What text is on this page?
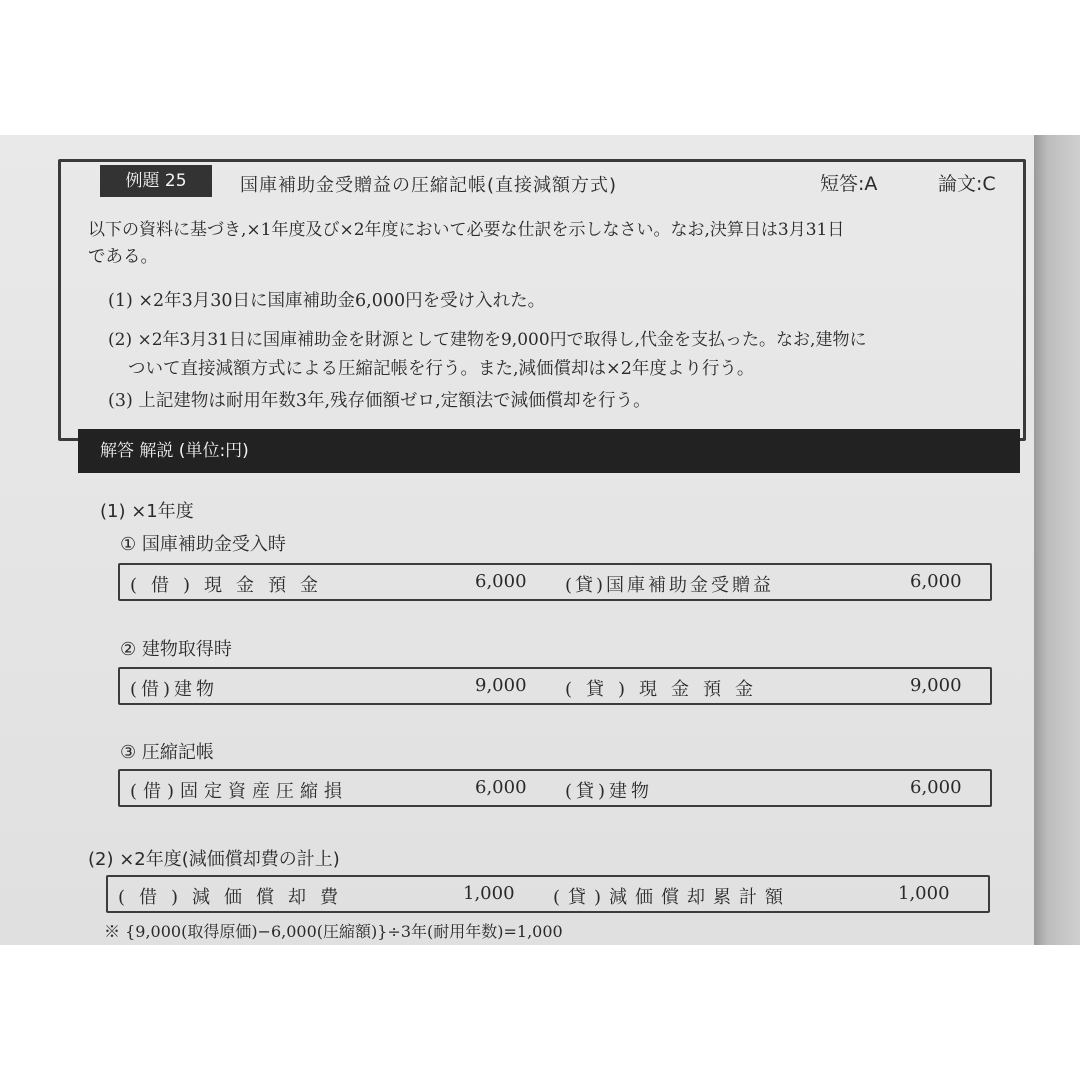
例題 25	国庫補助金受贈益の圧縮記帳(直接減額方式)	短答:A	論文:C
以下の資料に基づき,×1年度及び×2年度において必要な仕訳を示しなさい。なお,決算日は3月31日
である。
(1) ×2年3月30日に国庫補助金6,000円を受け入れた。
(2) ×2年3月31日に国庫補助金を財源として建物を9,000円で取得し,代金を支払った。なお,建物に
ついて直接減額方式による圧縮記帳を行う。また,減価償却は×2年度より行う。
(3) 上記建物は耐用年数3年,残存価額ゼロ,定額法で減価償却を行う。
解答 解説 (単位:円)
(1) ×1年度
① 国庫補助金受入時
(借)現金預金	6,000 (貸)国庫補助金受贈益	6,000
② 建物取得時
(借)建物	9,000 (貸)現金預金	9,000
③ 圧縮記帳
(借)固定資産圧縮損	6,000 (貸)建物	6,000
(2) ×2年度(減価償却費の計上)
(借)減価償却費	1,000 (貸)減価償却累計額	1,000
※ {9,000(取得原価)−6,000(圧縮額)}÷3年(耐用年数)=1,000
